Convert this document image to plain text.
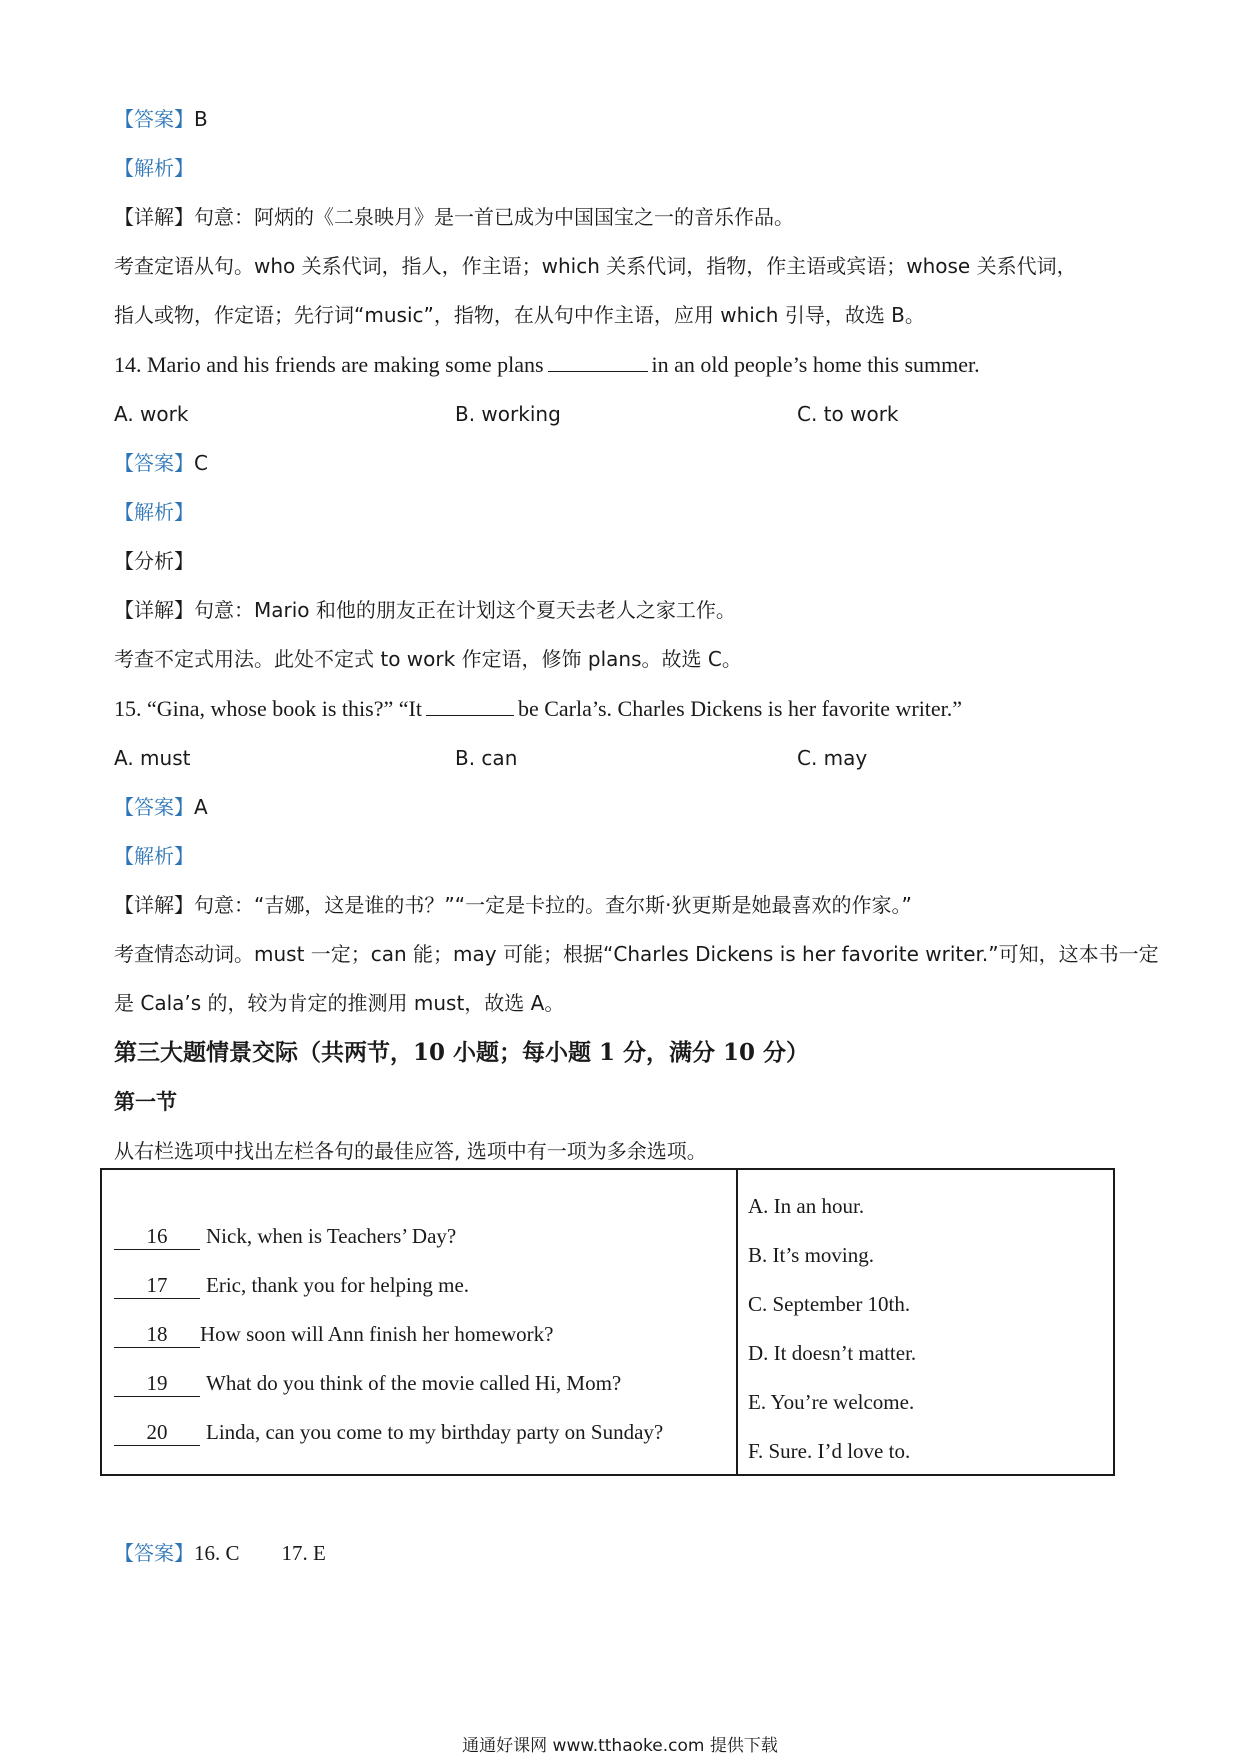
【答案】B
【解析】
【详解】句意：阿炳的《二泉映月》是一首已成为中国国宝之一的音乐作品。
考查定语从句。who 关系代词，指人，作主语；which 关系代词，指物，作主语或宾语；whose 关系代词，
指人或物，作定语；先行词“music”，指物，在从句中作主语，应用 which 引导，故选 B。
14. Mario and his friends are making some plans	in an old people’s home this summer.
A. work	B. working	C. to work
【答案】C
【解析】
【分析】
【详解】句意：Mario 和他的朋友正在计划这个夏天去老人之家工作。
考查不定式用法。此处不定式 to work 作定语，修饰 plans。故选 C。
15. “Gina, whose book is this?” “It	be Carla’s. Charles Dickens is her favorite writer.”
A. must	B. can	C. may
【答案】A
【解析】
【详解】句意：“吉娜，这是谁的书？”“一定是卡拉的。查尔斯·狄更斯是她最喜欢的作家。”
考查情态动词。must 一定；can 能；may 可能；根据“Charles Dickens is her favorite writer.”可知，这本书一定
是 Cala’s 的，较为肯定的推测用 must，故选 A。
第三大题情景交际（共两节，10 小题；每小题 1 分，满分 10 分）
第一节
从右栏选项中找出左栏各句的最佳应答, 选项中有一项为多余选项。
16 Nick, when is Teachers’ Day?
17 Eric, thank you for helping me.
18 How soon will Ann finish her homework?
19 What do you think of the movie called Hi, Mom?
20 Linda, can you come to my birthday party on Sunday?
A. In an hour.
B. It’s moving.
C. September 10th.
D. It doesn’t matter.
E. You’re welcome.
F. Sure. I’d love to.
【答案】16. C 17. E
通通好课网 www.tthaoke.com 提供下载
